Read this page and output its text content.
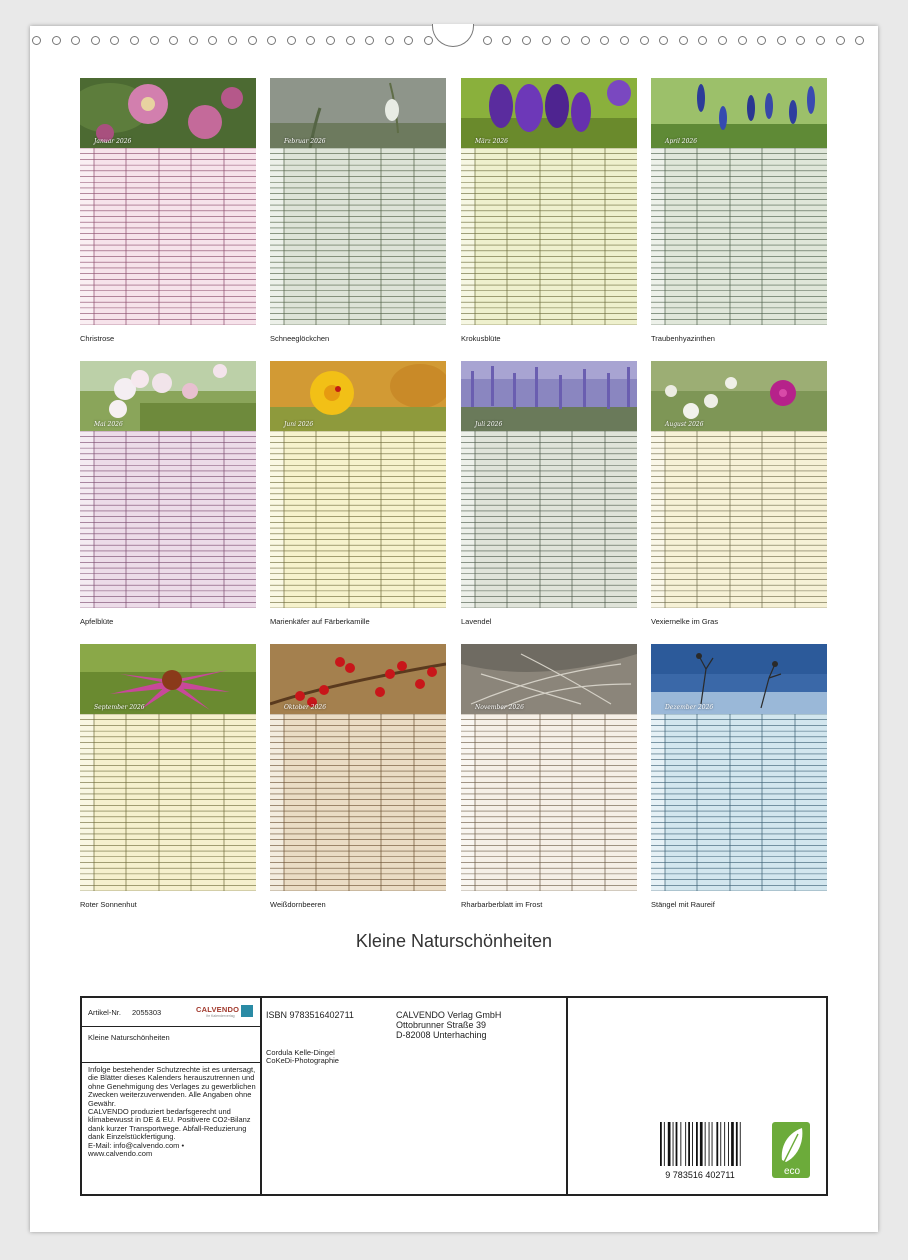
Januar 2026
Christrose
Februar 2026
Schneeglöckchen
März 2026
Krokusblüte
April 2026
Traubenhyazinthen
Mai 2026
Apfelblüte
Juni 2026
Marienkäfer auf Färberkamille
Juli 2026
Lavendel
August 2026
Vexiernelke im Gras
September 2026
Roter Sonnenhut
Oktober 2026
Weißdornbeeren
November 2026
Rharbarberblatt im Frost
Dezember 2026
Stängel mit Raureif
Kleine Naturschönheiten
Artikel-Nr. 2055303	CALVENDO
Ihr Kalenderverlag
Kleine Naturschönheiten
Infolge bestehender Schutzrechte ist es untersagt, die Blätter dieses Kalenders herauszutrennen und ohne Genehmigung des Verlages zu gewerblichen Zwecken weiterzuverwenden. Alle Angaben ohne Gewähr.
CALVENDO produziert bedarfsgerecht und klimabewusst in DE & EU. Positivere CO2-Bilanz dank kurzer Transportwege. Abfall-Reduzierung dank Einzelstückfertigung.
E-Mail: info@calvendo.com •
www.calvendo.com
ISBN 9783516402711	CALVENDO Verlag GmbH
Ottobrunner Straße 39
D-82008 Unterhaching
Cordula Kelle-Dingel
CoKeDi-Photographie
9 783516 402711	eco
